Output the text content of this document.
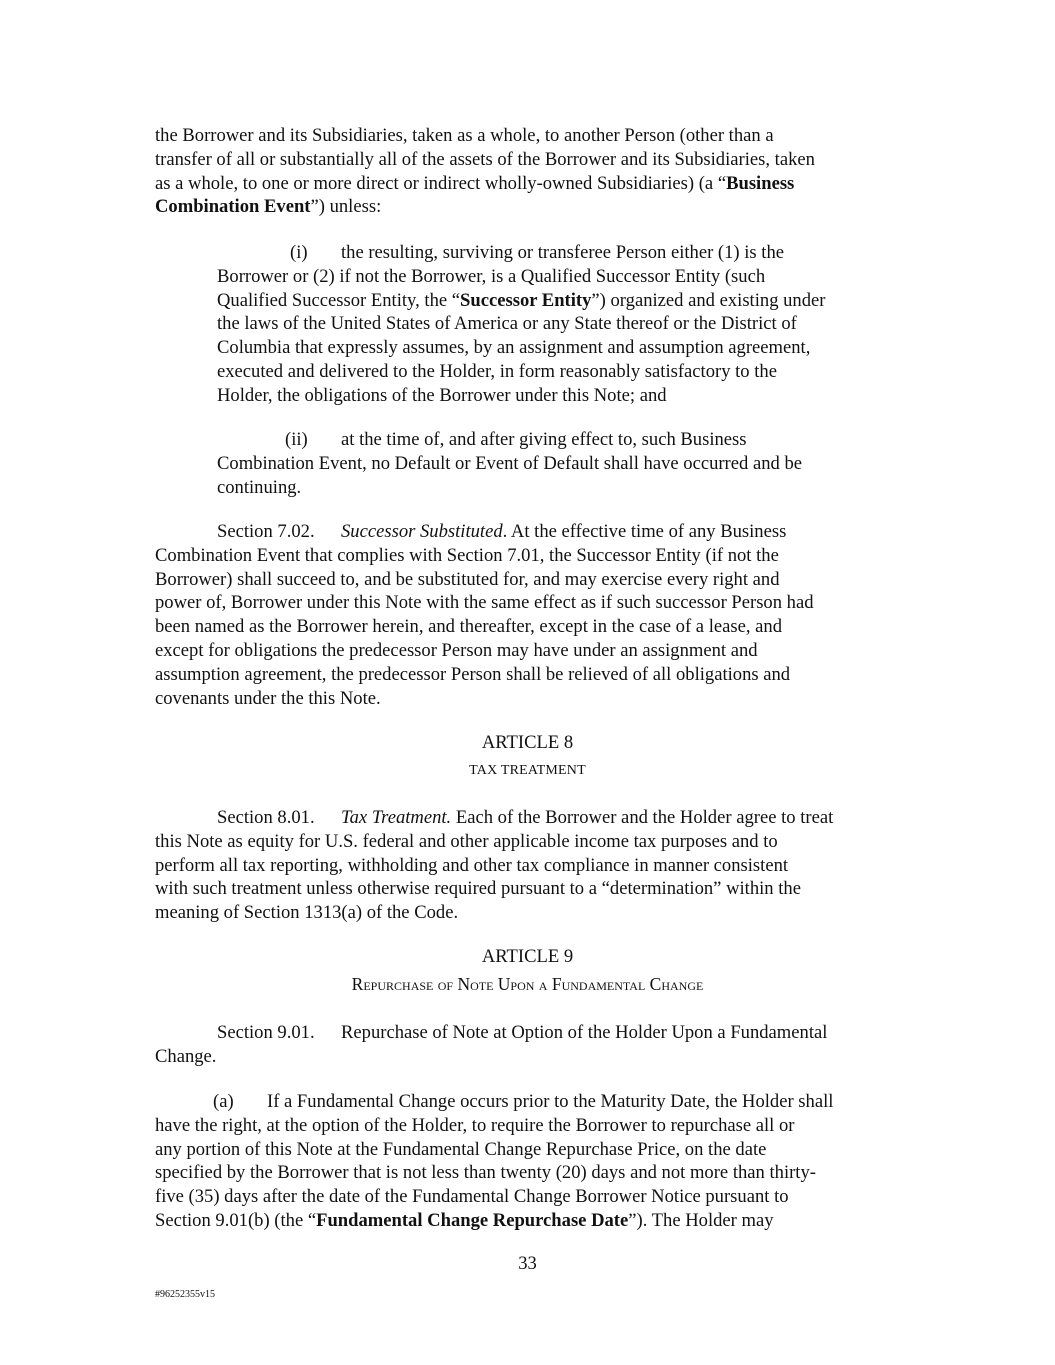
the Borrower and its Subsidiaries, taken as a whole, to another Person (other than a
transfer of all or substantially all of the assets of the Borrower and its Subsidiaries, taken
as a whole, to one or more direct or indirect wholly-owned Subsidiaries) (a “Business
Combination Event”) unless:
(i) the resulting, surviving or transferee Person either (1) is the
Borrower or (2) if not the Borrower, is a Qualified Successor Entity (such
Qualified Successor Entity, the “Successor Entity”) organized and existing under
the laws of the United States of America or any State thereof or the District of
Columbia that expressly assumes, by an assignment and assumption agreement,
executed and delivered to the Holder, in form reasonably satisfactory to the
Holder, the obligations of the Borrower under this Note; and
(ii) at the time of, and after giving effect to, such Business
Combination Event, no Default or Event of Default shall have occurred and be
continuing.
Section 7.02. Successor Substituted. At the effective time of any Business
Combination Event that complies with Section 7.01, the Successor Entity (if not the
Borrower) shall succeed to, and be substituted for, and may exercise every right and
power of, Borrower under this Note with the same effect as if such successor Person had
been named as the Borrower herein, and thereafter, except in the case of a lease, and
except for obligations the predecessor Person may have under an assignment and
assumption agreement, the predecessor Person shall be relieved of all obligations and
covenants under the this Note.

ARTICLE 8

TAX TREATMENT

Section 8.01. Tax Treatment. Each of the Borrower and the Holder agree to treat
this Note as equity for U.S. federal and other applicable income tax purposes and to
perform all tax reporting, withholding and other tax compliance in manner consistent
with such treatment unless otherwise required pursuant to a “determination” within the
meaning of Section 1313(a) of the Code.

ARTICLE 9

Repurchase of Note Upon a Fundamental Change

Section 9.01. Repurchase of Note at Option of the Holder Upon a Fundamental
Change.
(a) If a Fundamental Change occurs prior to the Maturity Date, the Holder shall
have the right, at the option of the Holder, to require the Borrower to repurchase all or
any portion of this Note at the Fundamental Change Repurchase Price, on the date
specified by the Borrower that is not less than twenty (20) days and not more than thirty-
five (35) days after the date of the Fundamental Change Borrower Notice pursuant to
Section 9.01(b) (the “Fundamental Change Repurchase Date”). The Holder may

33

#96252355v15
